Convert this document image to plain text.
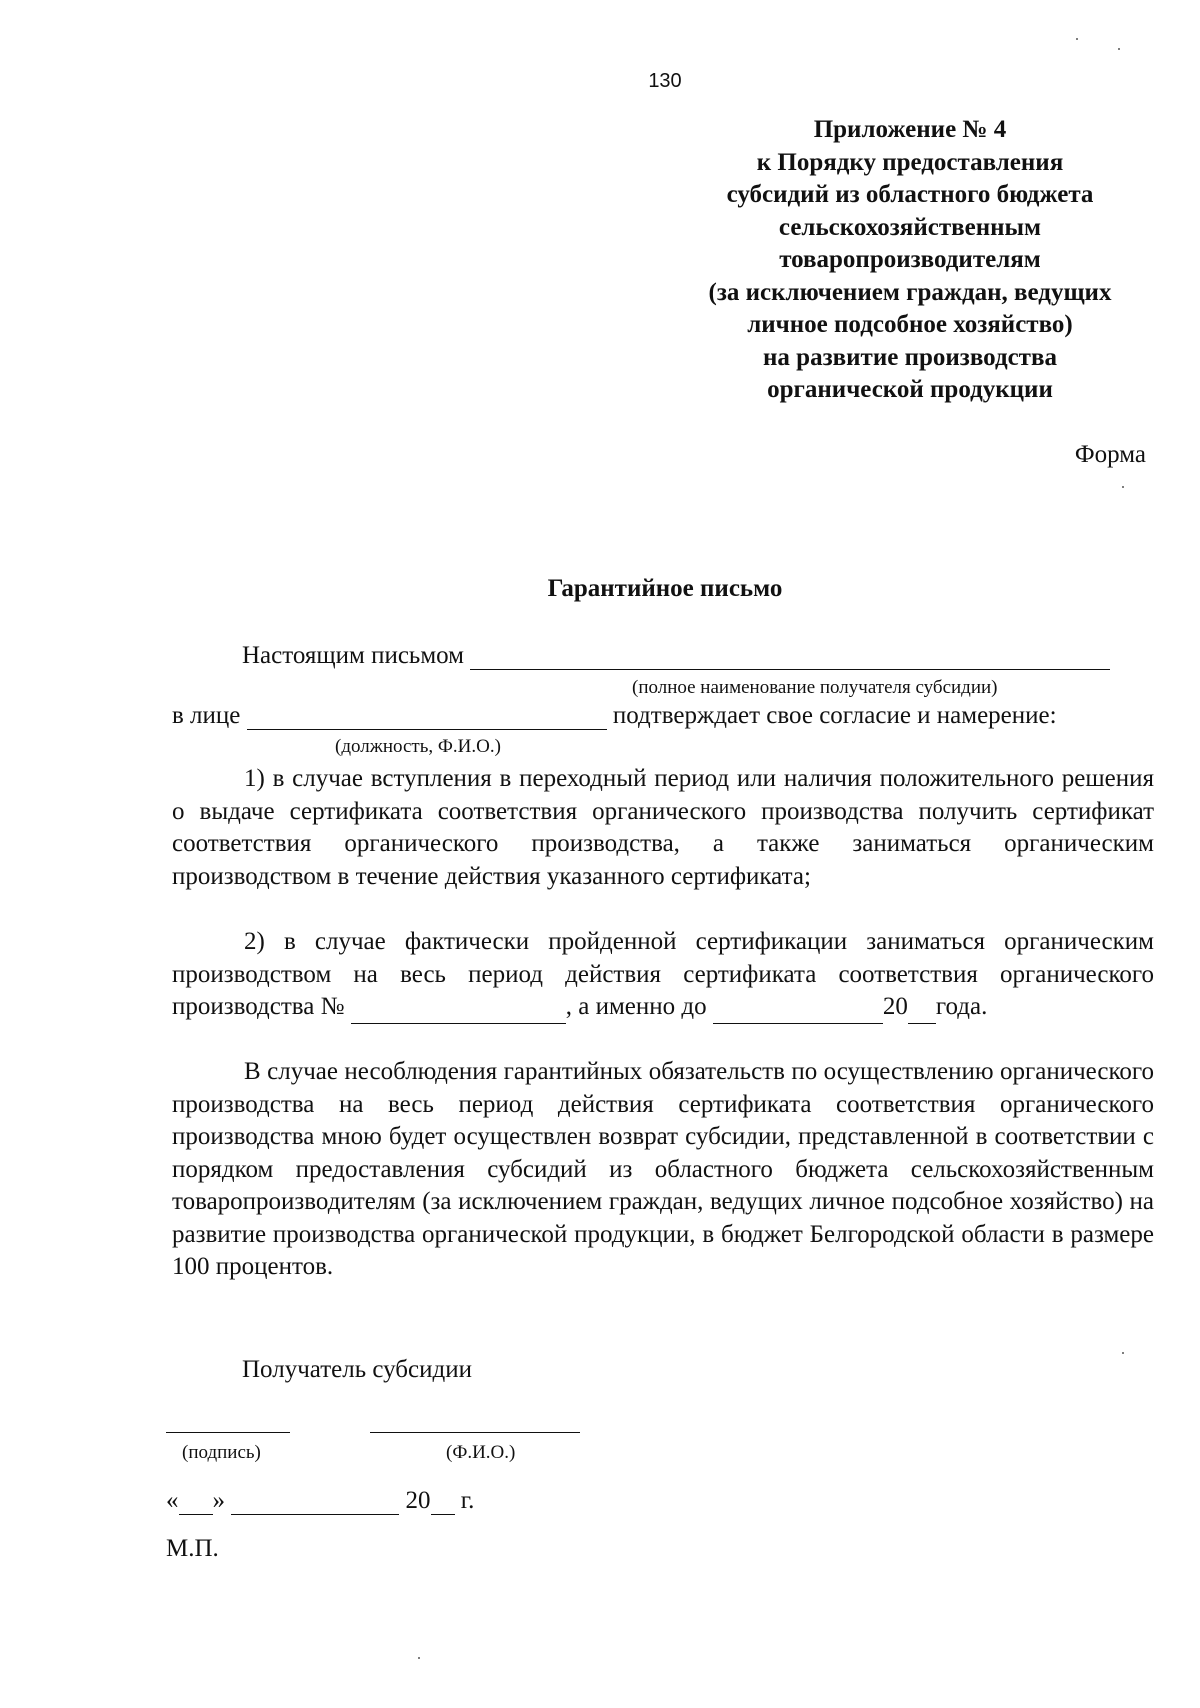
130
Приложение № 4
к Порядку предоставления
субсидий из областного бюджета
сельскохозяйственным
товаропроизводителям
(за исключением граждан, ведущих
личное подсобное хозяйство)
на развитие производства
органической продукции
Форма
Гарантийное письмо
Настоящим письмом
(полное наименование получателя субсидии)
в лице	подтверждает свое согласие и намерение:
(должность, Ф.И.О.)
1) в случае вступления в переходный период или наличия положительного решения о выдаче сертификата соответствия органического производства получить сертификат соответствия органического производства, а также заниматься органическим производством в течение действия указанного сертификата;
2) в случае фактически пройденной сертификации заниматься органическим производством на весь период действия сертификата соответствия органического производства №	, а именно до	20 года.
В случае несоблюдения гарантийных обязательств по осуществлению органического производства на весь период действия сертификата соответствия органического производства мною будет осуществлен возврат субсидии, представленной в соответствии с порядком предоставления субсидий из областного бюджета сельскохозяйственным товаропроизводителям (за исключением граждан, ведущих личное подсобное хозяйство) на развитие производства органической продукции, в бюджет Белгородской области в размере 100 процентов.
Получатель субсидии
(подпись)	(Ф.И.О.)
« »	20 г.
М.П.
